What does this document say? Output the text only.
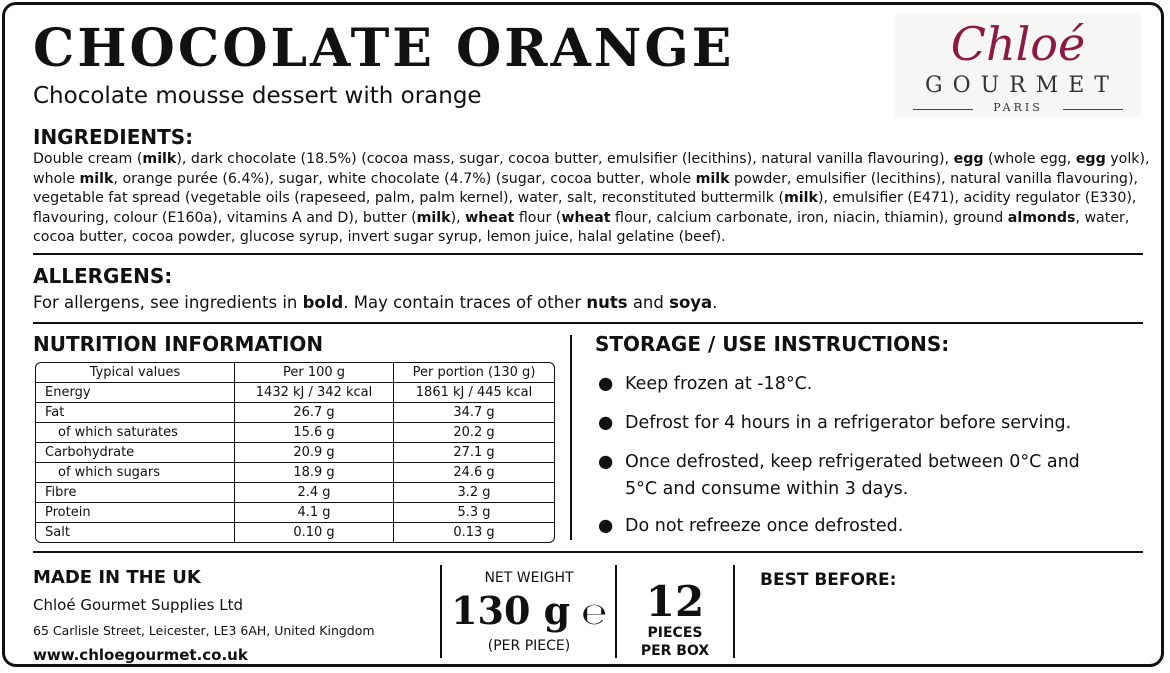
CHOCOLATE ORANGE
Chocolate mousse dessert with orange
Chloé
GOURMET
PARIS
INGREDIENTS:
Double cream (milk), dark chocolate (18.5%) (cocoa mass, sugar, cocoa butter, emulsifier (lecithins), natural vanilla flavouring), egg (whole egg, egg yolk), whole milk, orange purée (6.4%), sugar, white chocolate (4.7%) (sugar, cocoa butter, whole milk powder, emulsifier (lecithins), natural vanilla flavouring), vegetable fat spread (vegetable oils (rapeseed, palm, palm kernel), water, salt, reconstituted buttermilk (milk), emulsifier (E471), acidity regulator (E330), flavouring, colour (E160a), vitamins A and D), butter (milk), wheat flour (wheat flour, calcium carbonate, iron, niacin, thiamin), ground almonds, water, cocoa butter, cocoa powder, glucose syrup, invert sugar syrup, lemon juice, halal gelatine (beef).
ALLERGENS:
For allergens, see ingredients in bold. May contain traces of other nuts and soya.
NUTRITION INFORMATION
Typical values	Per 100 g	Per portion (130 g)
Energy	1432 kJ / 342 kcal	1861 kJ / 445 kcal
Fat	26.7 g	34.7 g
of which saturates	15.6 g	20.2 g
Carbohydrate	20.9 g	27.1 g
of which sugars	18.9 g	24.6 g
Fibre	2.4 g	3.2 g
Protein	4.1 g	5.3 g
Salt	0.10 g	0.13 g
STORAGE / USE INSTRUCTIONS:
● Keep frozen at -18°C.
● Defrost for 4 hours in a refrigerator before serving.
● Once defrosted, keep refrigerated between 0°C and 5°C and consume within 3 days.
● Do not refreeze once defrosted.
MADE IN THE UK
Chloé Gourmet Supplies Ltd
65 Carlisle Street, Leicester, LE3 6AH, United Kingdom
www.chloegourmet.co.uk
NET WEIGHT
130 g ℮
(PER PIECE)
12
PIECES
PER BOX
BEST BEFORE:
